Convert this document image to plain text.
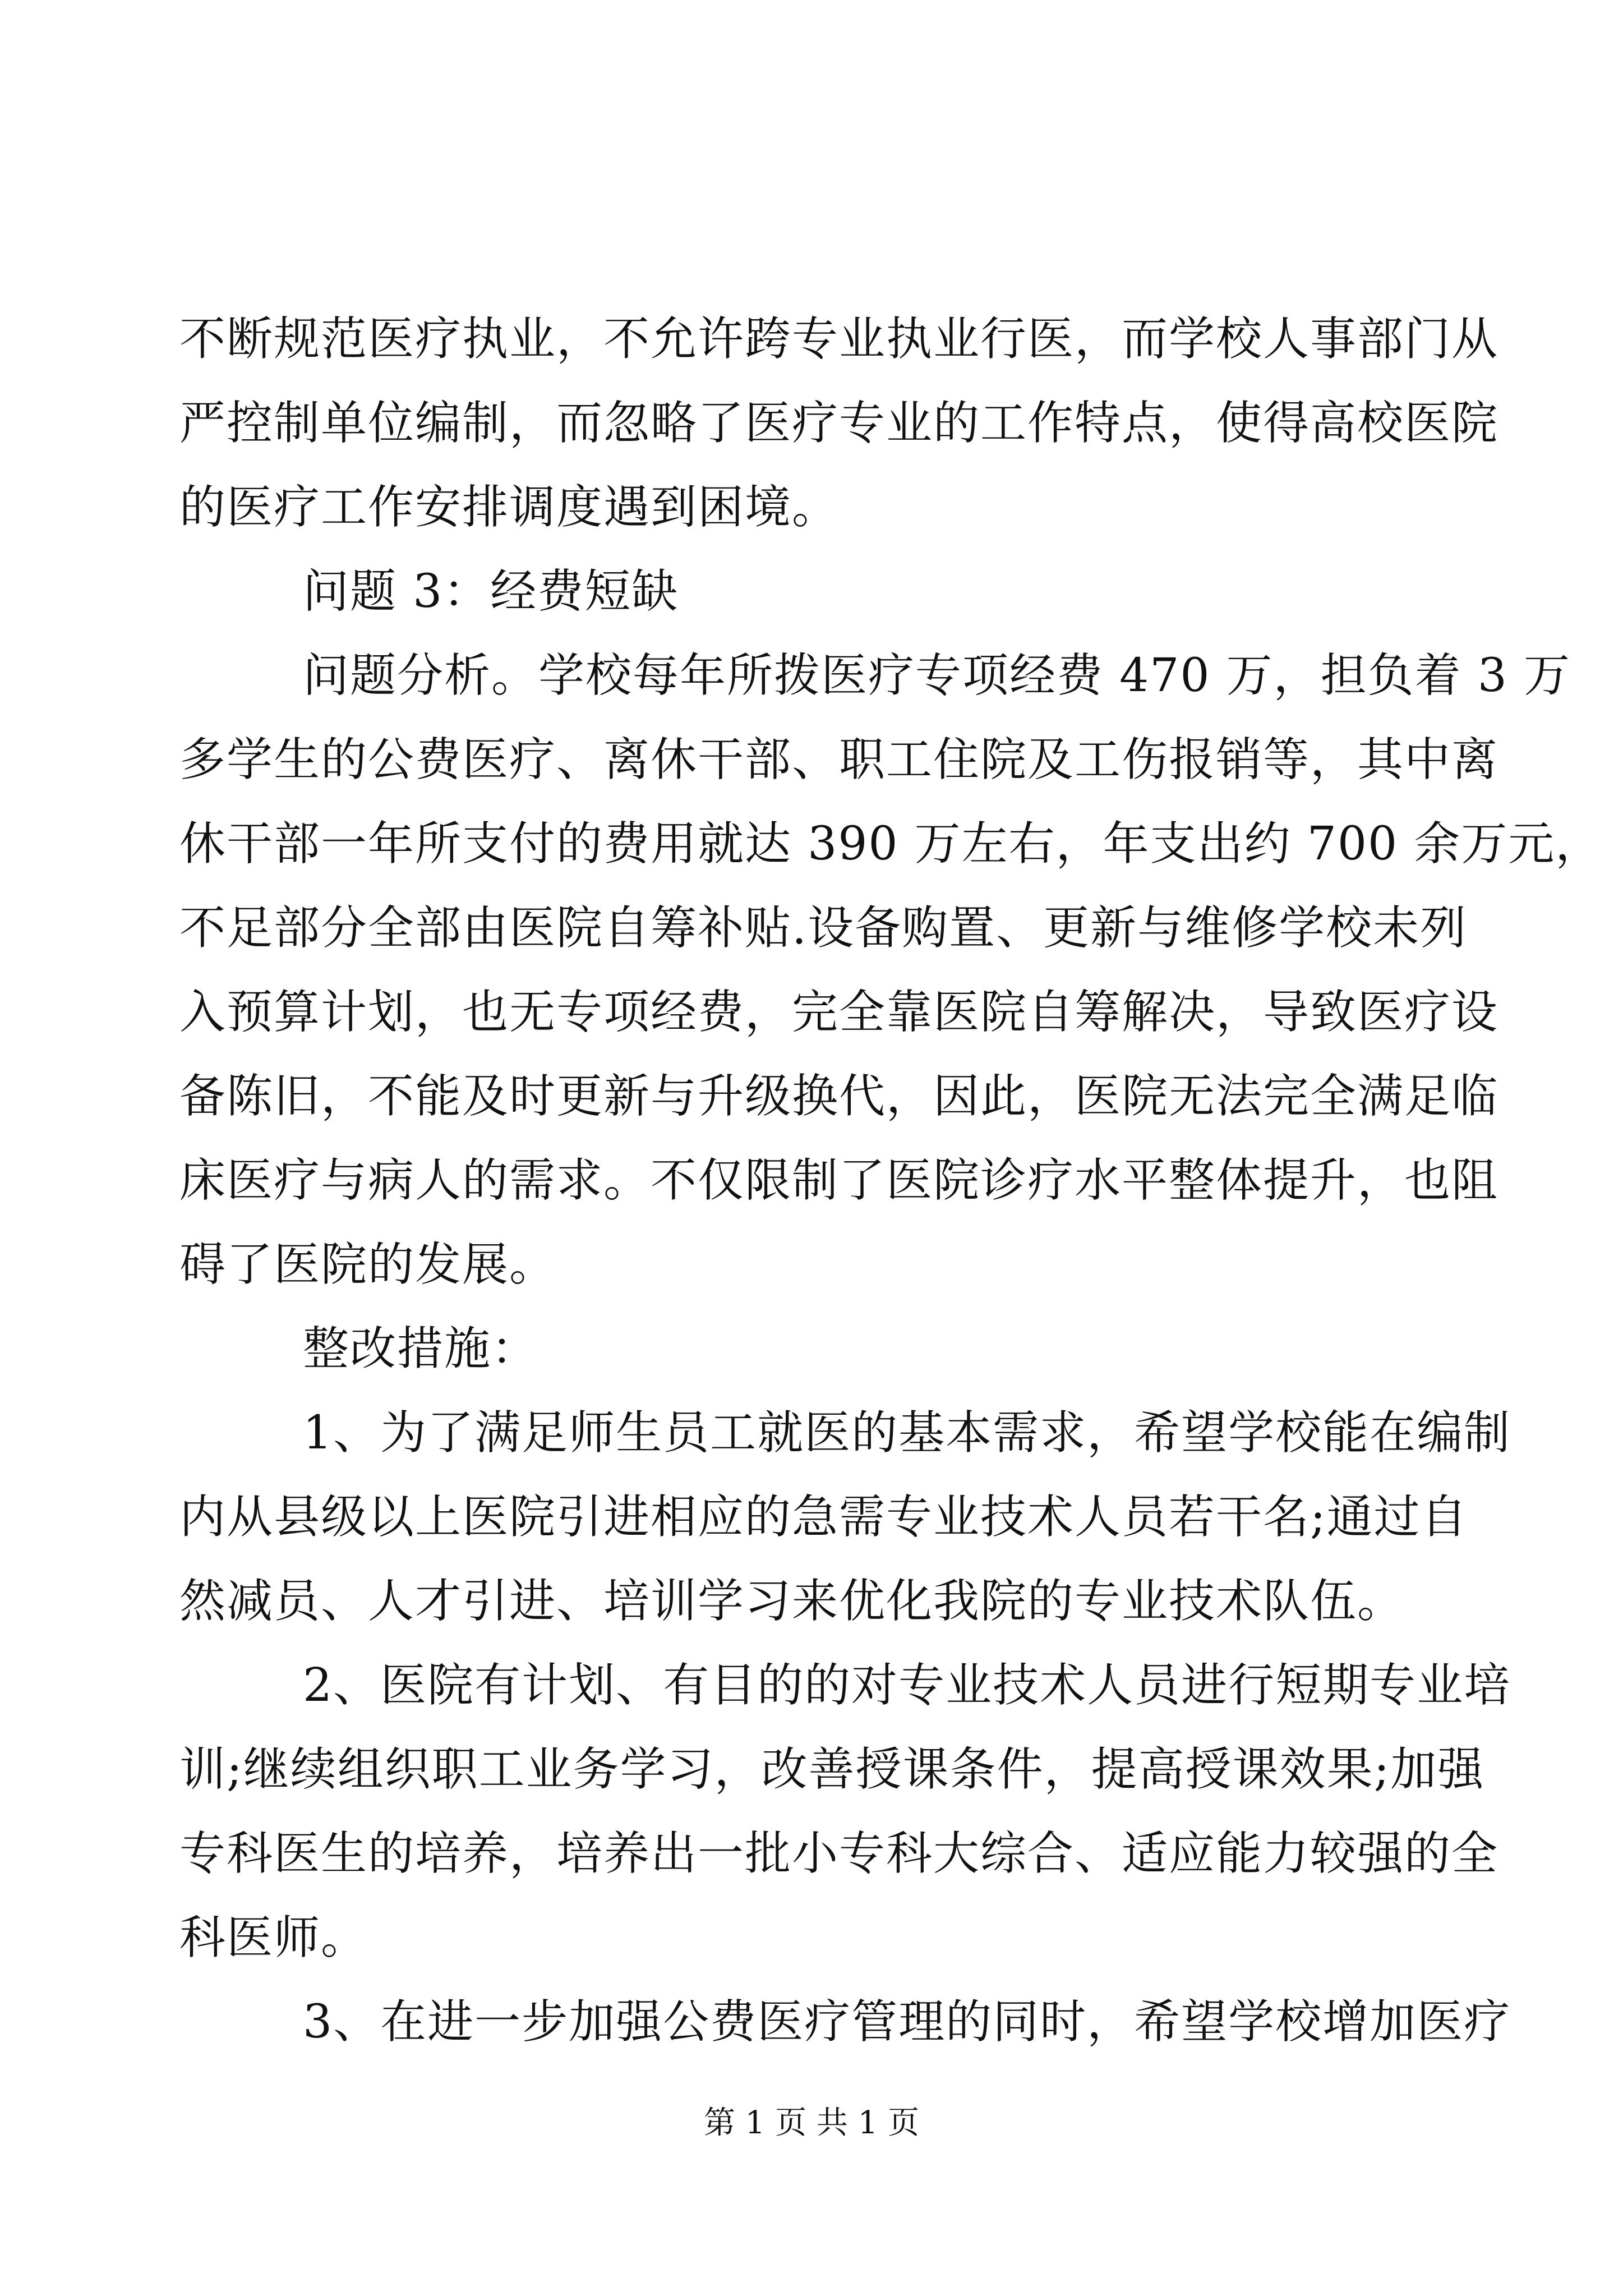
不断规范医疗执业，不允许跨专业执业行医，而学校人事部门从
严控制单位编制，而忽略了医疗专业的工作特点，使得高校医院
的医疗工作安排调度遇到困境。
问题 3：经费短缺
问题分析。学校每年所拨医疗专项经费 470 万，担负着 3 万
多学生的公费医疗、离休干部、职工住院及工伤报销等，其中离
休干部一年所支付的费用就达 390 万左右，年支出约 700 余万元，
不足部分全部由医院自筹补贴.设备购置、更新与维修学校未列
入预算计划，也无专项经费，完全靠医院自筹解决，导致医疗设
备陈旧，不能及时更新与升级换代，因此，医院无法完全满足临
床医疗与病人的需求。不仅限制了医院诊疗水平整体提升，也阻
碍了医院的发展。
整改措施：
1、为了满足师生员工就医的基本需求，希望学校能在编制
内从县级以上医院引进相应的急需专业技术人员若干名;通过自
然减员、人才引进、培训学习来优化我院的专业技术队伍。
2、医院有计划、有目的的对专业技术人员进行短期专业培
训;继续组织职工业务学习，改善授课条件，提高授课效果;加强
专科医生的培养，培养出一批小专科大综合、适应能力较强的全
科医师。
3、在进一步加强公费医疗管理的同时，希望学校增加医疗
第 1 页 共 1 页
